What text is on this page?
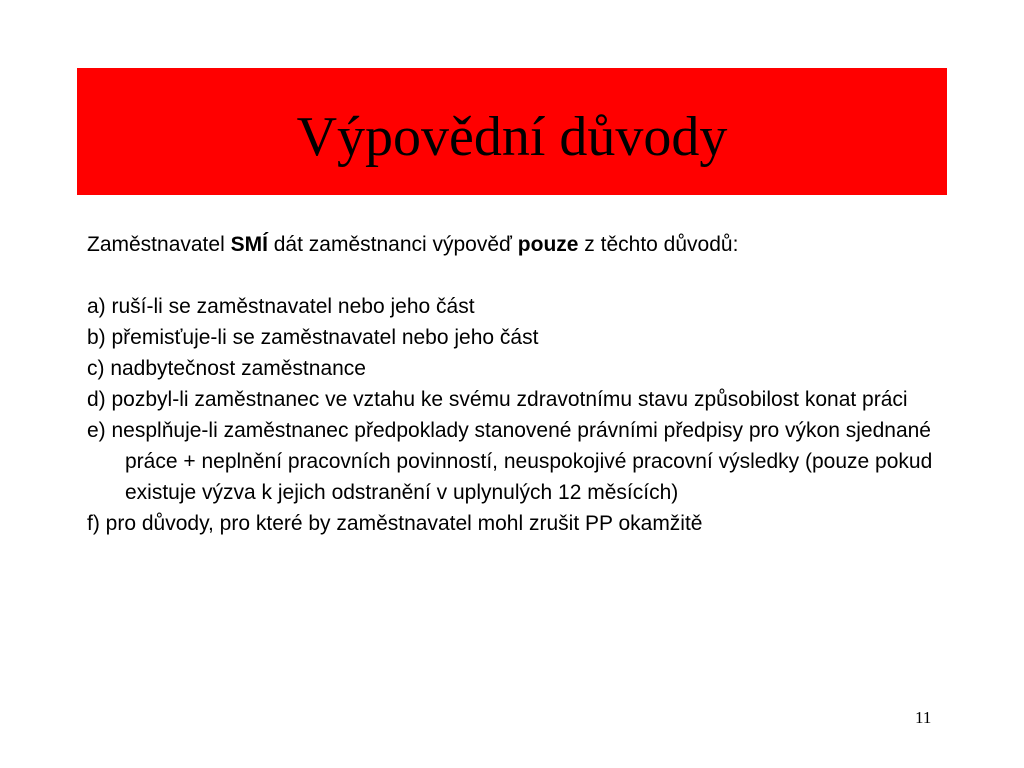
Výpovědní důvody

Zaměstnavatel SMÍ dát zaměstnanci výpověď pouze z těchto důvodů:

a) ruší-li se zaměstnavatel nebo jeho část

b) přemisťuje-li se zaměstnavatel nebo jeho část

c) nadbytečnost zaměstnance

d) pozbyl-li zaměstnanec ve vztahu ke svému zdravotnímu stavu způsobilost konat práci

e) nesplňuje-li zaměstnanec předpoklady stanovené právními předpisy pro výkon sjednané práce + neplnění pracovních povinností, neuspokojivé pracovní výsledky (pouze pokud existuje výzva k jejich odstranění v uplynulých 12 měsících)

f) pro důvody, pro které by zaměstnavatel mohl zrušit PP okamžitě

11
